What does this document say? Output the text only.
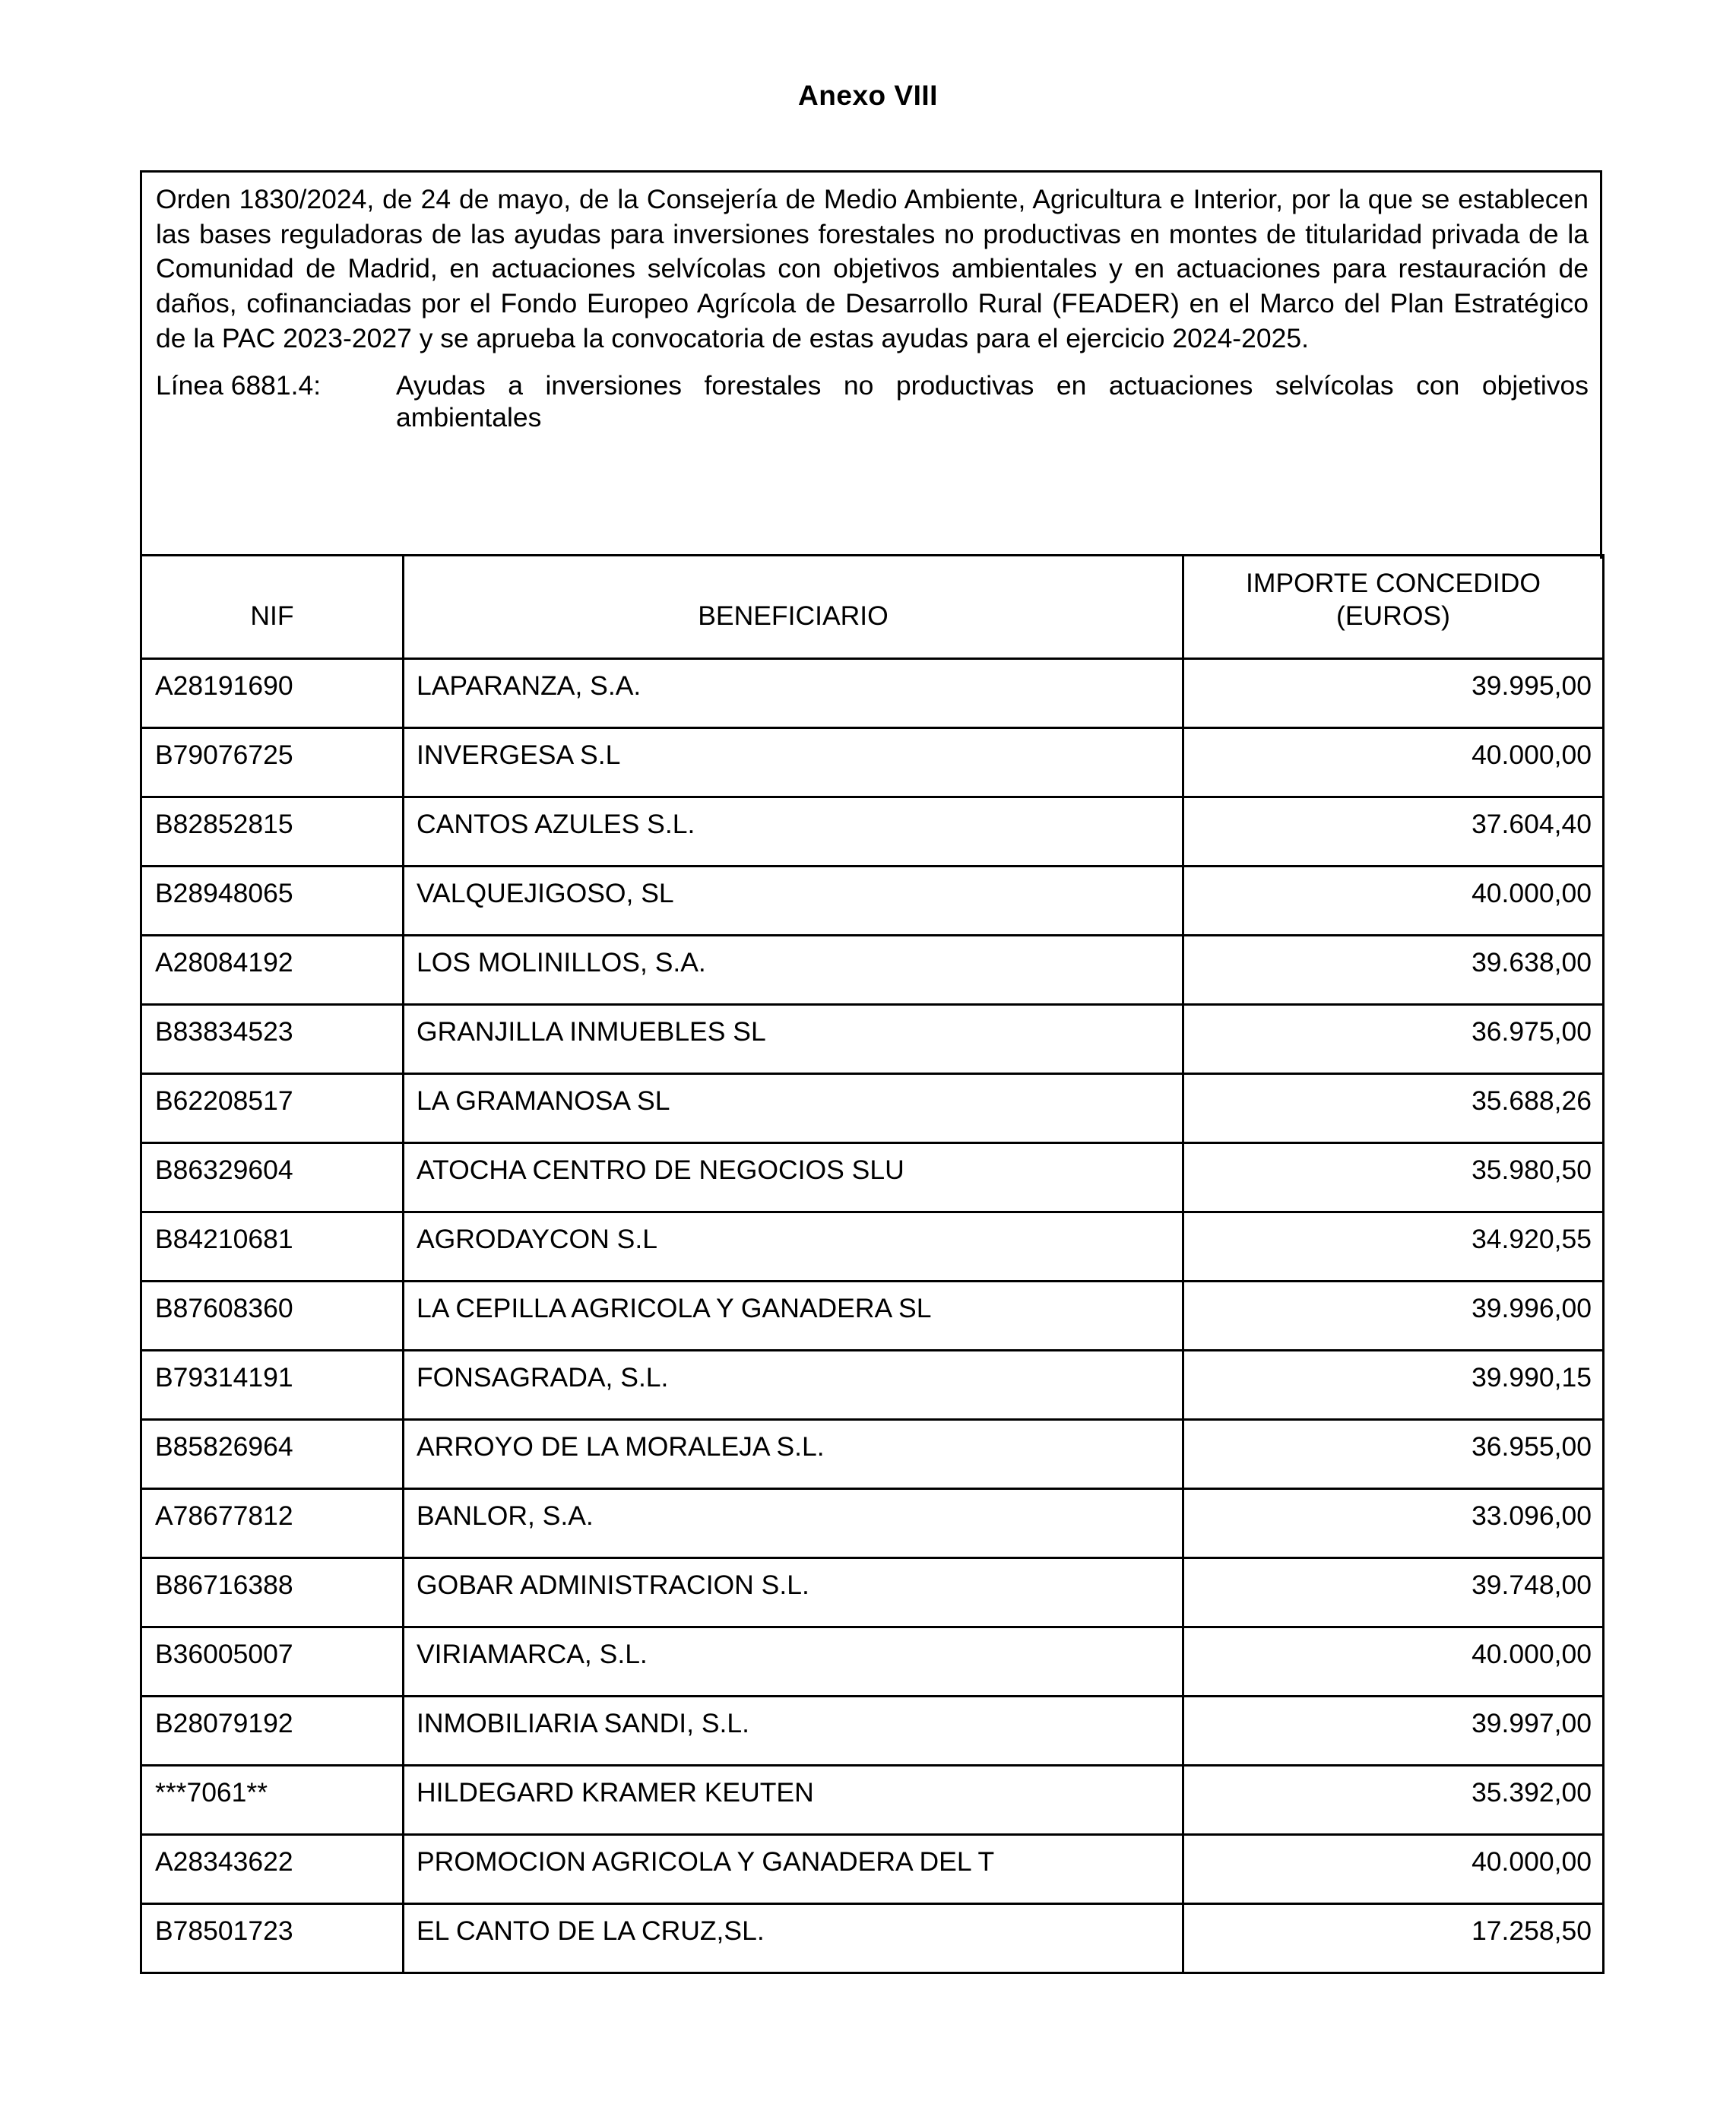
Anexo VIII

Orden 1830/2024, de 24 de mayo, de la Consejería de Medio Ambiente, Agricultura e Interior, por la que se establecen las bases reguladoras de las ayudas para inversiones forestales no productivas en montes de titularidad privada de la Comunidad de Madrid, en actuaciones selvícolas con objetivos ambientales y en actuaciones para restauración de daños, cofinanciadas por el Fondo Europeo Agrícola de Desarrollo Rural (FEADER) en el Marco del Plan Estratégico de la PAC 2023-2027 y se aprueba la convocatoria de estas ayudas para el ejercicio 2024-2025.

Línea 6881.4:	Ayudas a inversiones forestales no productivas en actuaciones selvícolas con objetivos ambientales
NIF	BENEFICIARIO	IMPORTE CONCEDIDO
(EUROS)

A28191690	LAPARANZA, S.A.	39.995,00
B79076725	INVERGESA S.L	40.000,00
B82852815	CANTOS AZULES S.L.	37.604,40
B28948065	VALQUEJIGOSO, SL	40.000,00
A28084192	LOS MOLINILLOS, S.A.	39.638,00
B83834523	GRANJILLA INMUEBLES SL	36.975,00
B62208517	LA GRAMANOSA SL	35.688,26
B86329604	ATOCHA CENTRO DE NEGOCIOS SLU	35.980,50
B84210681	AGRODAYCON S.L	34.920,55
B87608360	LA CEPILLA AGRICOLA Y GANADERA SL	39.996,00
B79314191	FONSAGRADA, S.L.	39.990,15
B85826964	ARROYO DE LA MORALEJA S.L.	36.955,00
A78677812	BANLOR, S.A.	33.096,00
B86716388	GOBAR ADMINISTRACION S.L.	39.748,00
B36005007	VIRIAMARCA, S.L.	40.000,00
B28079192	INMOBILIARIA SANDI, S.L.	39.997,00
***7061**	HILDEGARD KRAMER KEUTEN	35.392,00
A28343622	PROMOCION AGRICOLA Y GANADERA DEL T	40.000,00
B78501723	EL CANTO DE LA CRUZ,SL.	17.258,50
